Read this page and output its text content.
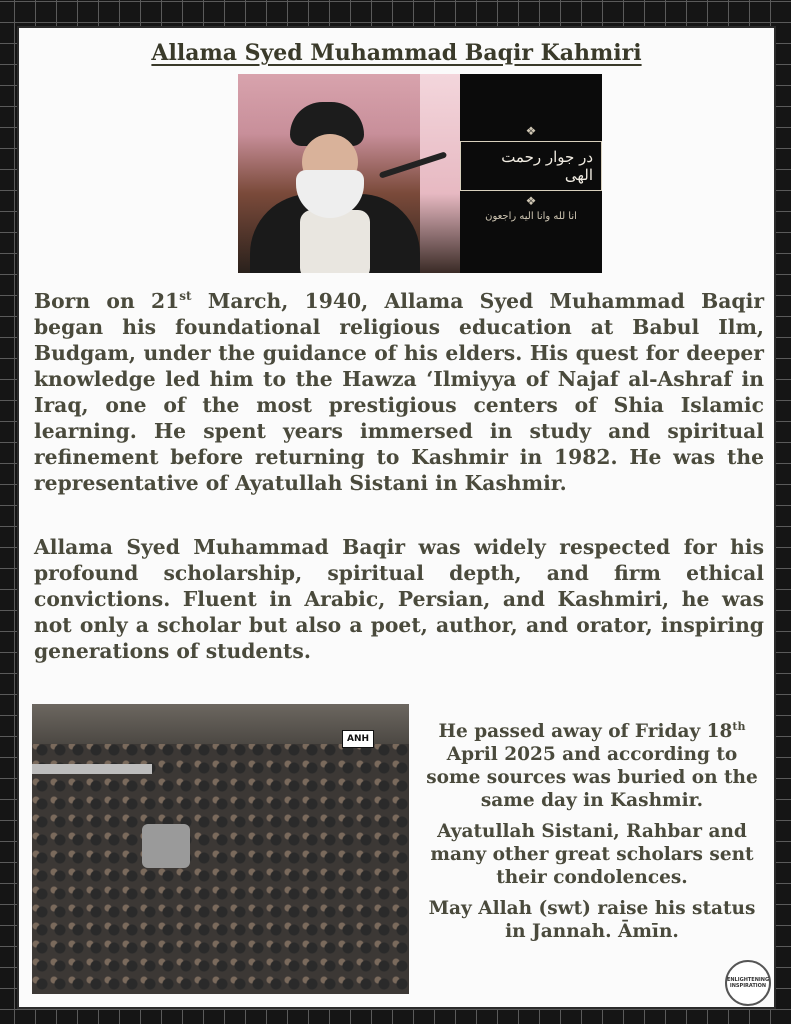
Allama Syed Muhammad Baqir Kahmiri
❖
در جوار رحمت الهی
❖
انا لله وانا الیه راجعون

Born on 21st March, 1940, Allama Syed Muhammad Baqir began his foundational religious education at Babul Ilm, Budgam, under the guidance of his elders. His quest for deeper knowledge led him to the Hawza ‘Ilmiyya of Najaf al-Ashraf in Iraq, one of the most prestigious centers of Shia Islamic learning. He spent years immersed in study and spiritual refinement before returning to Kashmir in 1982. He was the representative of Ayatullah Sistani in Kashmir.

Allama Syed Muhammad Baqir was widely respected for his profound scholarship, spiritual depth, and firm ethical convictions. Fluent in Arabic, Persian, and Kashmiri, he was not only a scholar but also a poet, author, and orator, inspiring generations of students.

ANH	He passed away of Friday 18th April 2025 and according to some sources was buried on the same day in Kashmir.

Ayatullah Sistani, Rahbar and many other great scholars sent their condolences.

May Allah (swt) raise his status in Jannah. Āmīn.

ENLIGHTENING INSPIRATION
